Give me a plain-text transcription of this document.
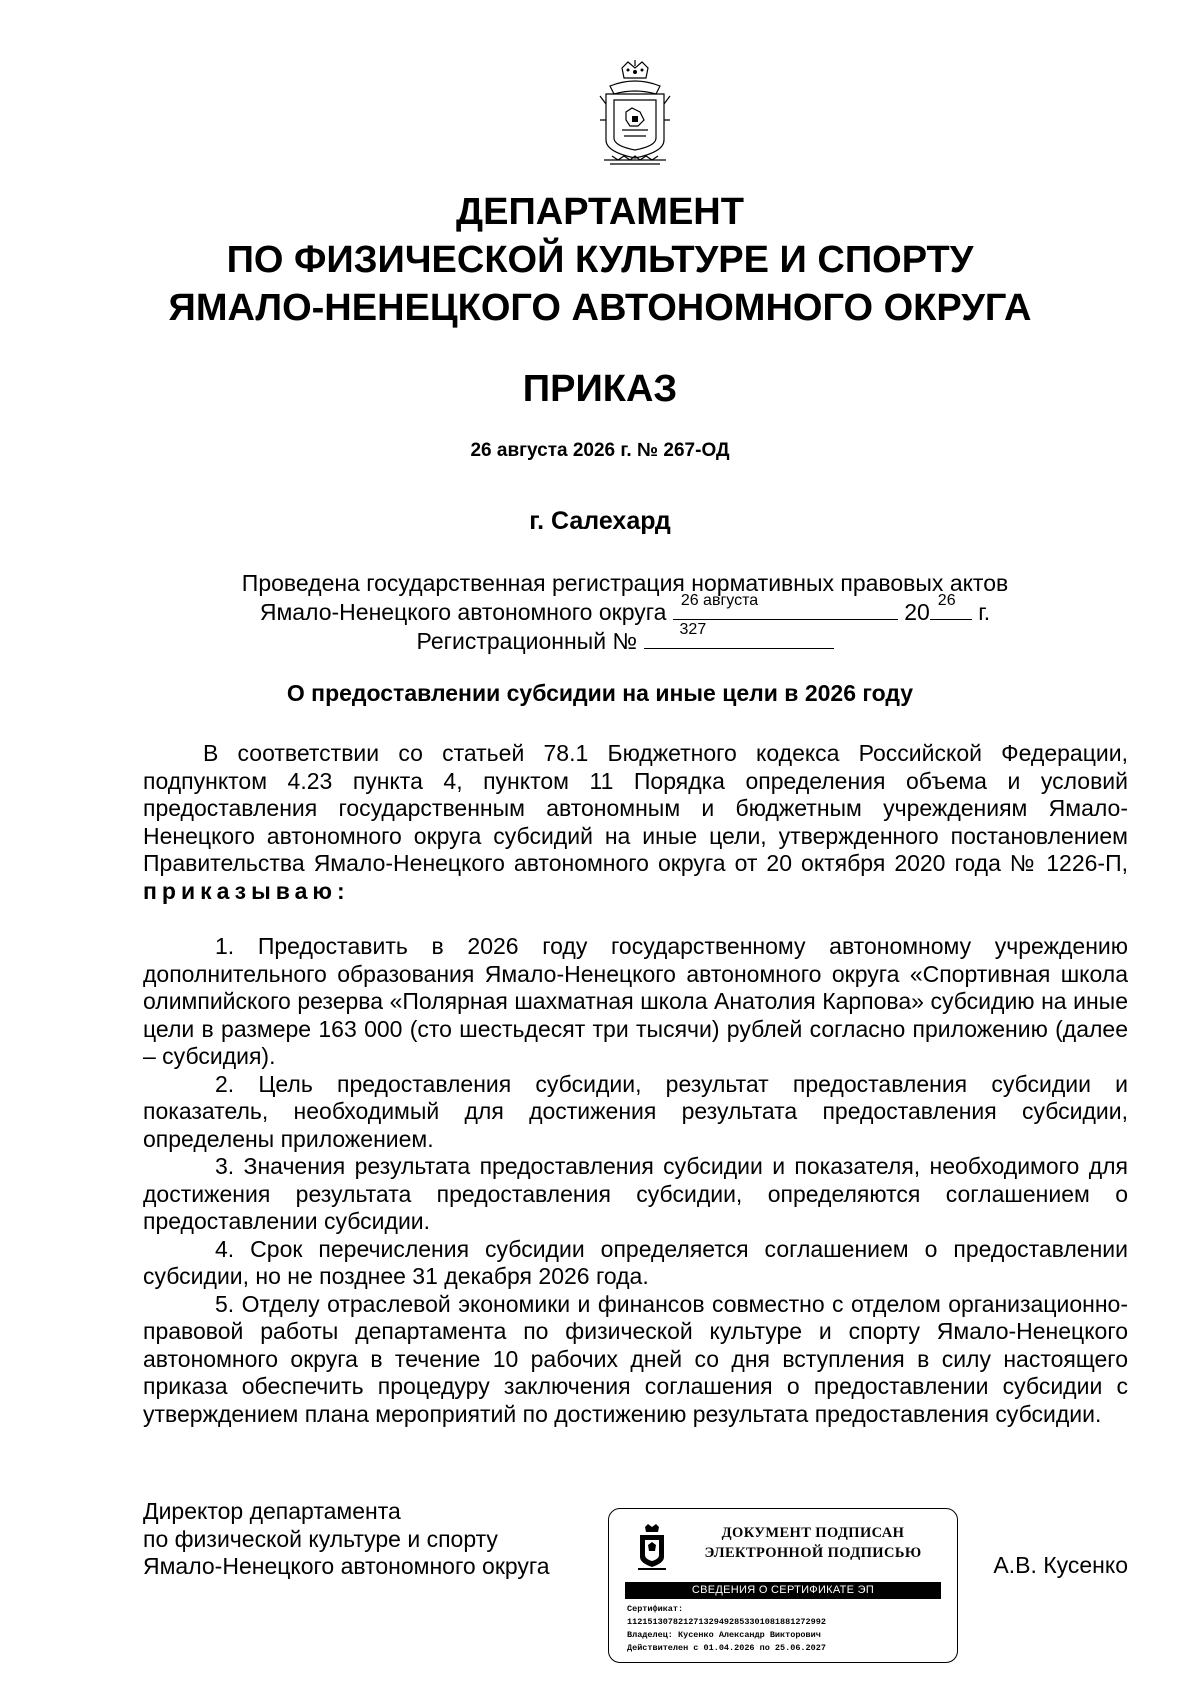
ДЕПАРТАМЕНТ
ПО ФИЗИЧЕСКОЙ КУЛЬТУРЕ И СПОРТУ
ЯМАЛО-НЕНЕЦКОГО АВТОНОМНОГО ОКРУГА
ПРИКАЗ
26 августа 2026 г. № 267-ОД
г. Салехард
Проведена государственная регистрация нормативных правовых актов
Ямало-Ненецкого автономного округа 26 августа	20 26 г.
Регистрационный №	327
О предоставлении субсидии на иные цели в 2026 году

В соответствии со статьей 78.1 Бюджетного кодекса Российской Федерации, подпунктом 4.23 пункта 4, пунктом 11 Порядка определения объема и условий предоставления государственным автономным и бюджетным учреждениям Ямало-Ненецкого автономного округа субсидий на иные цели, утвержденного постановлением Правительства Ямало-Ненецкого автономного округа от 20 октября 2020 года № 1226-П, приказываю:

1. Предоставить в 2026 году государственному автономному учреждению дополнительного образования Ямало-Ненецкого автономного округа «Спортивная школа олимпийского резерва «Полярная шахматная школа Анатолия Карпова» субсидию на иные цели в размере 163 000 (сто шестьдесят три тысячи) рублей согласно приложению (далее – субсидия).

2. Цель предоставления субсидии, результат предоставления субсидии и показатель, необходимый для достижения результата предоставления субсидии, определены приложением.

3. Значения результата предоставления субсидии и показателя, необходимого для достижения результата предоставления субсидии, определяются соглашением о предоставлении субсидии.

4. Срок перечисления субсидии определяется соглашением о предоставлении субсидии, но не позднее 31 декабря 2026 года.

5. Отделу отраслевой экономики и финансов совместно с отделом организационно-правовой работы департамента по физической культуре и спорту Ямало-Ненецкого автономного округа в течение 10 рабочих дней со дня вступления в силу настоящего приказа обеспечить процедуру заключения соглашения о предоставлении субсидии с утверждением плана мероприятий по достижению результата предоставления субсидии.

Директор департамента
по физической культуре и спорту
Ямало-Ненецкого автономного округа
ДОКУМЕНТ ПОДПИСАН
ЭЛЕКТРОННОЙ ПОДПИСЬЮ
СВЕДЕНИЯ О СЕРТИФИКАТЕ ЭП
Сертификат:
112151307821271329492853301081881272992
Владелец: Кусенко Александр Викторович
Действителен с 01.04.2026 по 25.06.2027
А.В. Кусенко
